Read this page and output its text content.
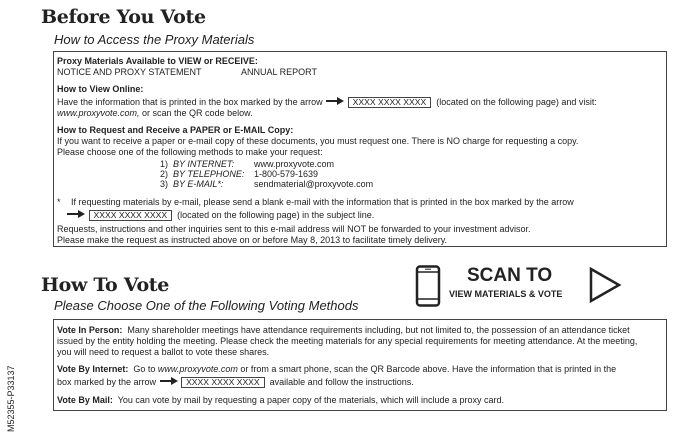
Before You Vote
How to Access the Proxy Materials
Proxy Materials Available to VIEW or RECEIVE:
NOTICE AND PROXY STATEMENT	ANNUAL REPORT
How to View Online:
Have the information that is printed in the box marked by the arrow	XXXX XXXX XXXX (located on the following page) and visit:
www.proxyvote.com, or scan the QR code below.
How to Request and Receive a PAPER or E-MAIL Copy:
If you want to receive a paper or e-mail copy of these documents, you must request one. There is NO charge for requesting a copy.
Please choose one of the following methods to make your request:
1)	BY INTERNET:	www.proxyvote.com
2)	BY TELEPHONE:	1-800-579-1639
3)	BY E-MAIL*:	sendmaterial@proxyvote.com
* If requesting materials by e-mail, please send a blank e-mail with the information that is printed in the box marked by the arrow
XXXX XXXX XXXX (located on the following page) in the subject line.
Requests, instructions and other inquiries sent to this e-mail address will NOT be forwarded to your investment advisor.
Please make the request as instructed above on or before May 8, 2013 to facilitate timely delivery.
How To Vote
Please Choose One of the Following Voting Methods
SCAN TO
VIEW MATERIALS & VOTE
Vote In Person: Many shareholder meetings have attendance requirements including, but not limited to, the possession of an attendance ticket
issued by the entity holding the meeting. Please check the meeting materials for any special requirements for meeting attendance. At the meeting,
you will need to request a ballot to vote these shares.
Vote By Internet: Go to www.proxyvote.com or from a smart phone, scan the QR Barcode above. Have the information that is printed in the
box marked by the arrow	XXXX XXXX XXXX available and follow the instructions.
Vote By Mail: You can vote by mail by requesting a paper copy of the materials, which will include a proxy card.
M52355-P33137
